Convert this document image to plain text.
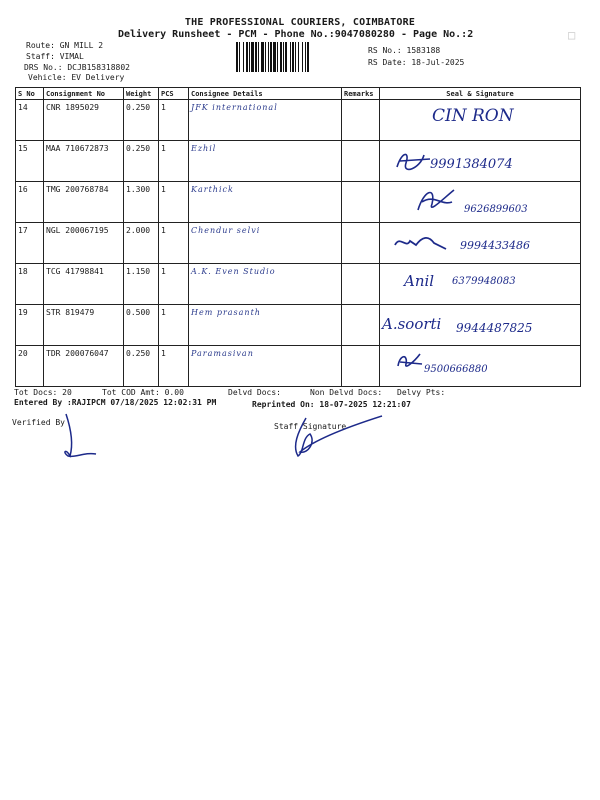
THE PROFESSIONAL COURIERS, COIMBATORE
Delivery Runsheet - PCM - Phone No.:9047080280 - Page No.:2	□
Route: GN MILL 2
Staff: VIMAL
DRS No.: DCJB158318802
Vehicle: EV Delivery
RS No.: 1583188
RS Date: 18-Jul-2025
S No	Consignment No	Weight	PCS	Consignee Details	Remarks	Seal & Signature
14	CNR 1895029	0.250	1	JFK international		CIN RON

15	MAA 710672873	0.250	1	Ezhil		9991384074

16	TMG 200768784	1.300	1	Karthick		9626899603

17	NGL 200067195	2.000	1	Chendur selvi		9994433486

18	TCG 41798841	1.150	1	A.K. Even Studio		Anil 6379948083

19	STR 819479	0.500	1	Hem prasanth		A.soorti 9944487825

20	TDR 200076047	0.250	1	Paramasivan		9500666880
Tot Docs: 20	Tot COD Amt: 0.00	Delvd Docs:	Non Delvd Docs: Delvy Pts:
Entered By :RAJIPCM 07/18/2025 12:02:31 PM	Reprinted On: 18-07-2025 12:21:07
Verified By	Staff Signature
